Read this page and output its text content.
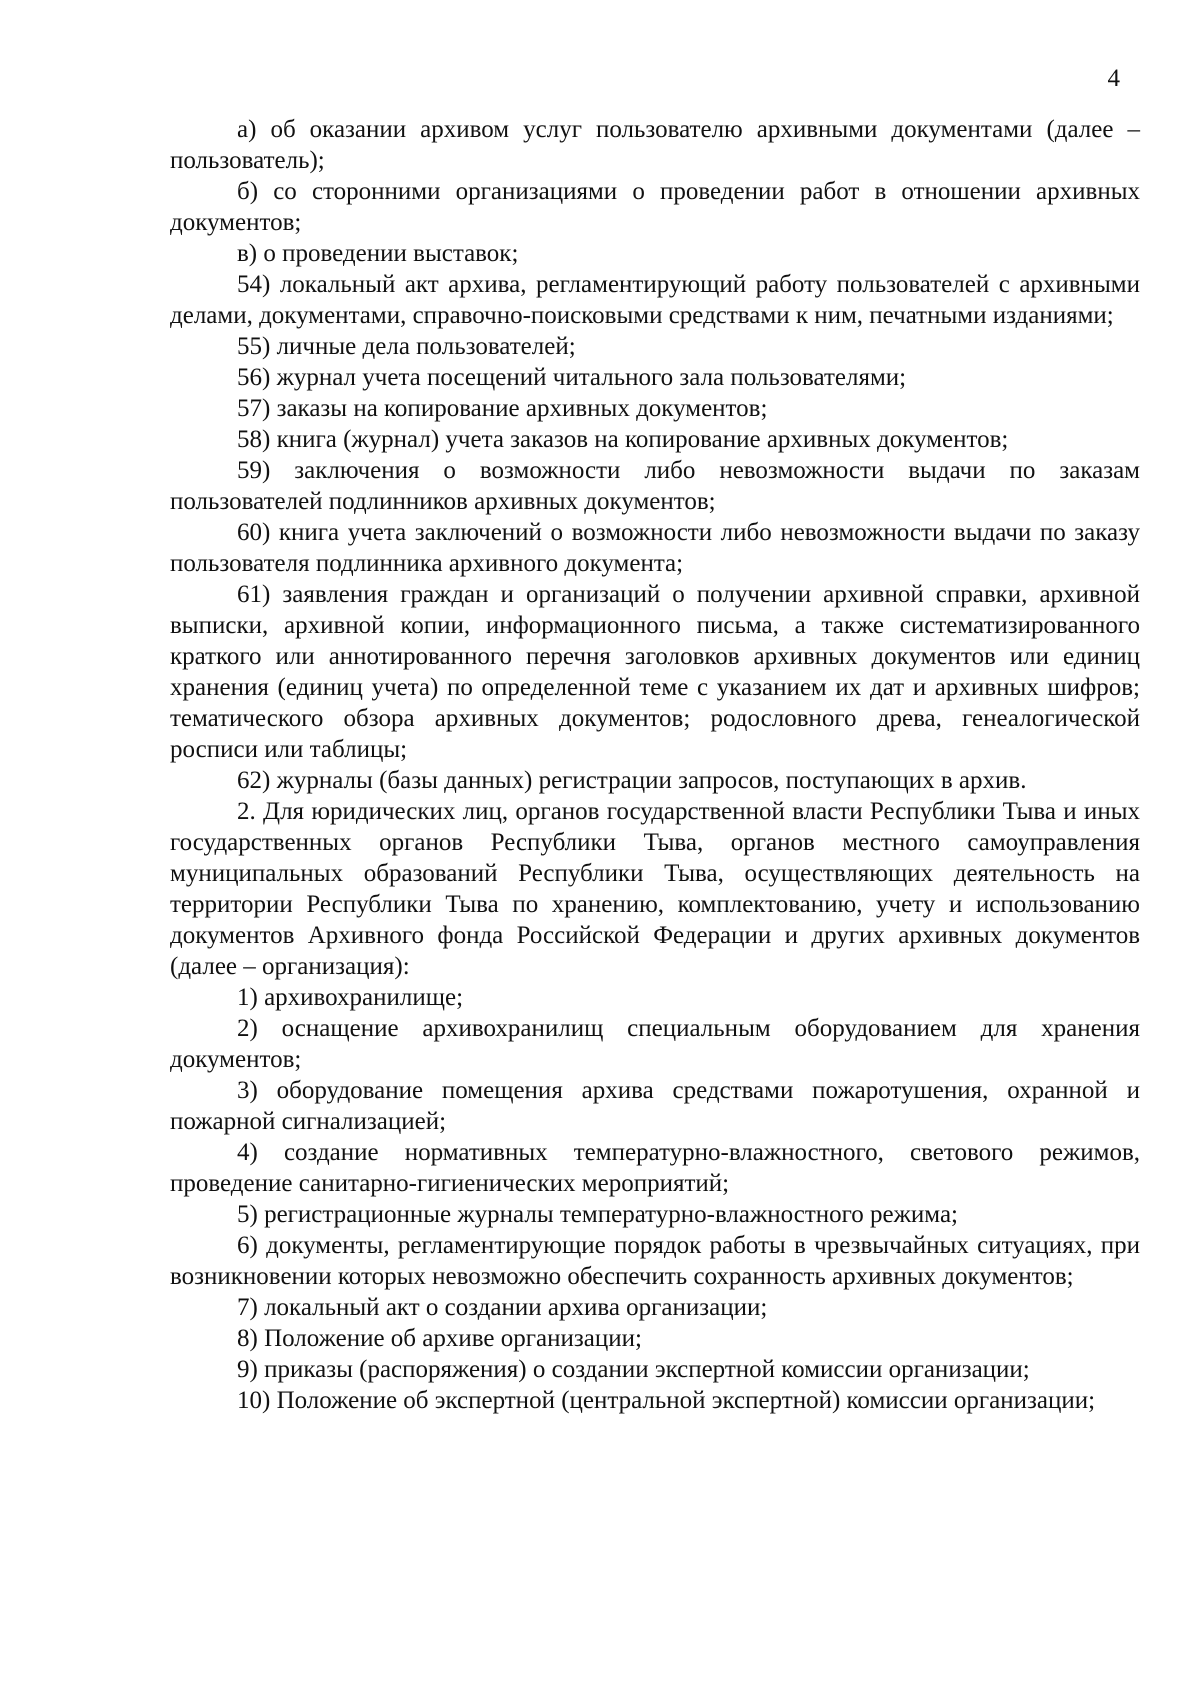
4

а) об оказании архивом услуг пользователю архивными документами (далее – пользователь);

б) со сторонними организациями о проведении работ в отношении архивных документов;

в) о проведении выставок;

54) локальный акт архива, регламентирующий работу пользователей с архивными делами, документами, справочно-поисковыми средствами к ним, печатными изданиями;

55) личные дела пользователей;

56) журнал учета посещений читального зала пользователями;

57) заказы на копирование архивных документов;

58) книга (журнал) учета заказов на копирование архивных документов;

59) заключения о возможности либо невозможности выдачи по заказам пользователей подлинников архивных документов;

60) книга учета заключений о возможности либо невозможности выдачи по заказу пользователя подлинника архивного документа;

61) заявления граждан и организаций о получении архивной справки, архивной выписки, архивной копии, информационного письма, а также систематизированного краткого или аннотированного перечня заголовков архивных документов или единиц хранения (единиц учета) по определенной теме с указанием их дат и архивных шифров; тематического обзора архивных документов; родословного древа, генеалогической росписи или таблицы;

62) журналы (базы данных) регистрации запросов, поступающих в архив.

2. Для юридических лиц, органов государственной власти Республики Тыва и иных государственных органов Республики Тыва, органов местного самоуправления муниципальных образований Республики Тыва, осуществляющих деятельность на территории Республики Тыва по хранению, комплектованию, учету и использованию документов Архивного фонда Российской Федерации и других архивных документов (далее – организация):

1) архивохранилище;

2) оснащение архивохранилищ специальным оборудованием для хранения документов;

3) оборудование помещения архива средствами пожаротушения, охранной и пожарной сигнализацией;

4) создание нормативных температурно-влажностного, светового режимов, проведение санитарно-гигиенических мероприятий;

5) регистрационные журналы температурно-влажностного режима;

6) документы, регламентирующие порядок работы в чрезвычайных ситуациях, при возникновении которых невозможно обеспечить сохранность архивных документов;

7) локальный акт о создании архива организации;

8) Положение об архиве организации;

9) приказы (распоряжения) о создании экспертной комиссии организации;

10) Положение об экспертной (центральной экспертной) комиссии организации;
